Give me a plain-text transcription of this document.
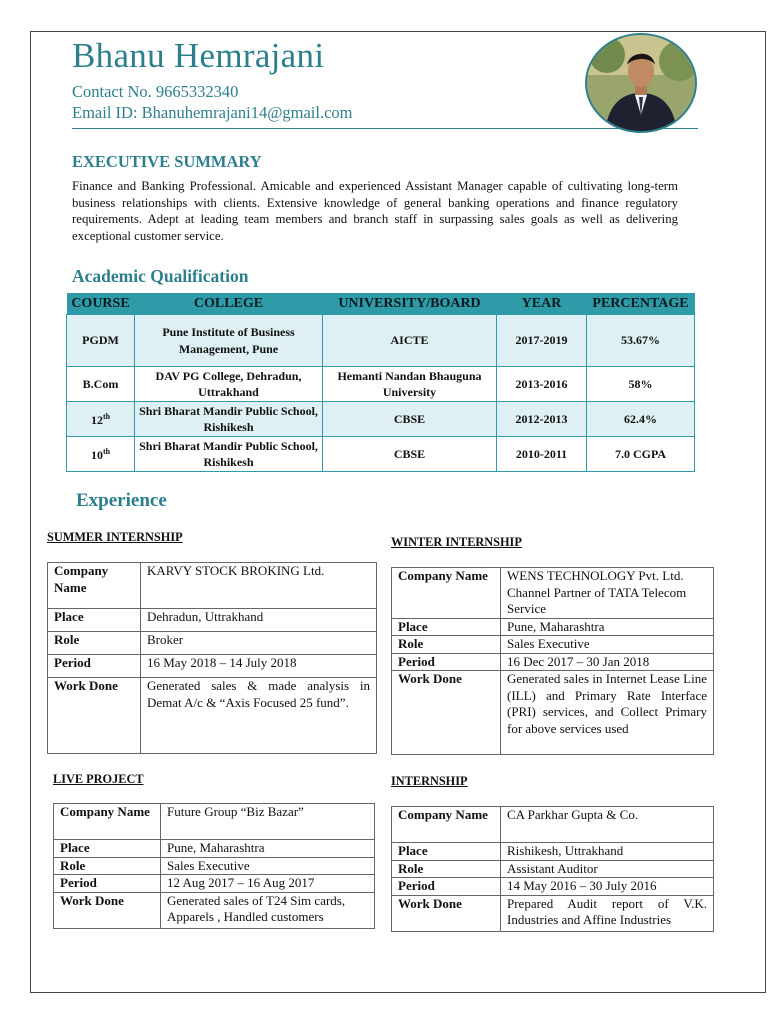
Bhanu Hemrajani
Contact No. 9665332340
Email ID: Bhanuhemrajani14@gmail.com
EXECUTIVE SUMMARY
Finance and Banking Professional. Amicable and experienced Assistant Manager capable of cultivating long-term business relationships with clients. Extensive knowledge of general banking operations and finance regulatory requirements. Adept at leading team members and branch staff in surpassing sales goals as well as delivering exceptional customer service.
Academic Qualification
COURSE	COLLEGE	UNIVERSITY/BOARD	YEAR	PERCENTAGE
PGDM	Pune Institute of Business Management, Pune	AICTE	2017-2019	53.67%
B.Com	DAV PG College, Dehradun, Uttrakhand	Hemanti Nandan Bhauguna University	2013-2016	58%
12th	Shri Bharat Mandir Public School, Rishikesh	CBSE	2012-2013	62.4%
10th	Shri Bharat Mandir Public School, Rishikesh	CBSE	2010-2011	7.0 CGPA
Experience
SUMMER INTERNSHIP
Company Name	KARVY STOCK BROKING Ltd.
Place	Dehradun, Uttrakhand
Role	Broker
Period	16 May 2018 – 14 July 2018
Work Done	Generated sales & made analysis in Demat A/c & “Axis Focused 25 fund”.
WINTER INTERNSHIP
Company Name	WENS TECHNOLOGY Pvt. Ltd. Channel Partner of TATA Telecom Service
Place	Pune, Maharashtra
Role	Sales Executive
Period	16 Dec 2017 – 30 Jan 2018
Work Done	Generated sales in Internet Lease Line (ILL) and Primary Rate Interface (PRI) services, and Collect Primary for above services used
LIVE PROJECT
Company Name	Future Group “Biz Bazar”
Place	Pune, Maharashtra
Role	Sales Executive
Period	12 Aug 2017 – 16 Aug 2017
Work Done	Generated sales of T24 Sim cards, Apparels , Handled customers
INTERNSHIP
Company Name	CA Parkhar Gupta & Co.
Place	Rishikesh, Uttrakhand
Role	Assistant Auditor
Period	14 May 2016 – 30 July 2016
Work Done	Prepared Audit report of V.K. Industries and Affine Industries
